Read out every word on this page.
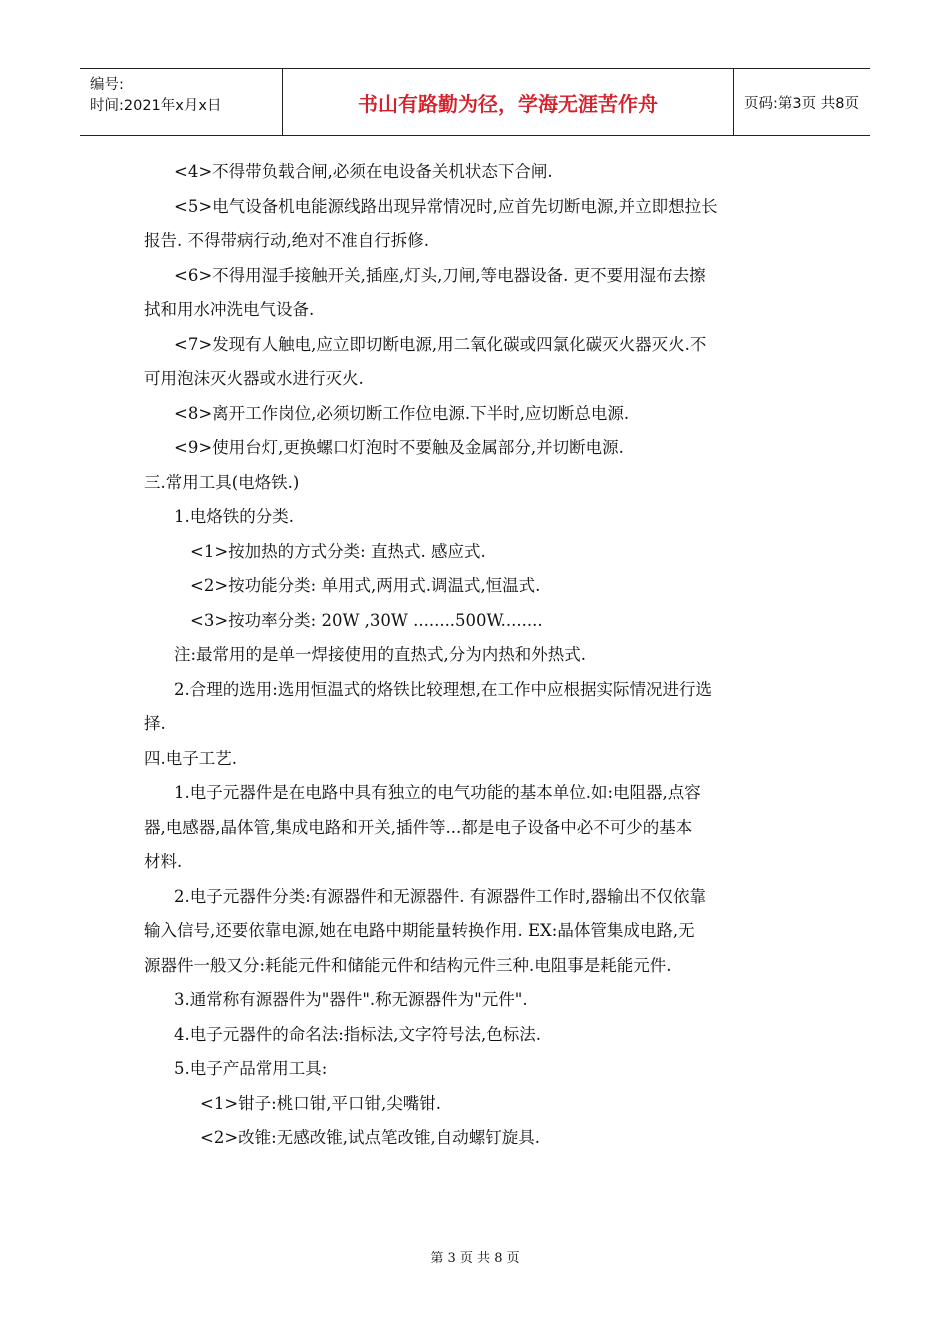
编号:
时间:2021年x月x日	书山有路勤为径，学海无涯苦作舟	页码:第3页 共8页

<4>不得带负载合闸,必须在电设备关机状态下合闸.

<5>电气设备机电能源线路出现异常情况时,应首先切断电源,并立即想拉长

报告. 不得带病行动,绝对不准自行拆修.

<6>不得用湿手接触开关,插座,灯头,刀闸,等电器设备. 更不要用湿布去擦

拭和用水冲洗电气设备.

<7>发现有人触电,应立即切断电源,用二氧化碳或四氯化碳灭火器灭火.不

可用泡沫灭火器或水进行灭火.

<8>离开工作岗位,必须切断工作位电源.下半时,应切断总电源.

<9>使用台灯,更换螺口灯泡时不要触及金属部分,并切断电源.

三.常用工具(电烙铁.)

1.电烙铁的分类.

<1>按加热的方式分类: 直热式. 感应式.

<2>按功能分类: 单用式,两用式.调温式,恒温式.

<3>按功率分类: 20W ,30W ........500W........

注:最常用的是单一焊接使用的直热式,分为内热和外热式.

2.合理的选用:选用恒温式的烙铁比较理想,在工作中应根据实际情况进行选

择.

四.电子工艺.

1.电子元器件是在电路中具有独立的电气功能的基本单位.如:电阻器,点容

器,电感器,晶体管,集成电路和开关,插件等...都是电子设备中必不可少的基本

材料.

2.电子元器件分类:有源器件和无源器件. 有源器件工作时,器输出不仅依靠

输入信号,还要依靠电源,她在电路中期能量转换作用. EX:晶体管集成电路,无

源器件一般又分:耗能元件和储能元件和结构元件三种.电阻事是耗能元件.

3.通常称有源器件为"器件".称无源器件为"元件".

4.电子元器件的命名法:指标法,文字符号法,色标法.

5.电子产品常用工具:

<1>钳子:桃口钳,平口钳,尖嘴钳.

<2>改锥:无感改锥,试点笔改锥,自动螺钉旋具.

第 3 页 共 8 页
